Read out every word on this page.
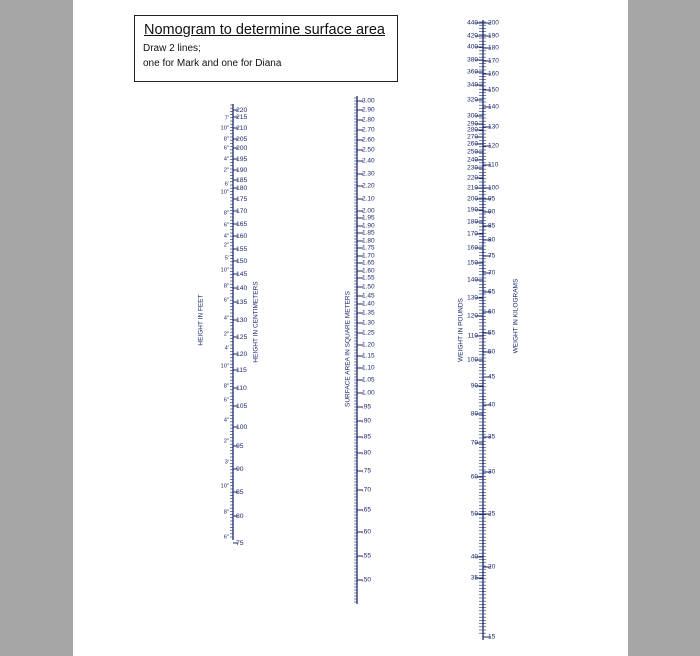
Nomogram to determine surface area
Draw 2 lines;
one for Mark and one for Diana
220
215
210
205
200
195
190
185
180
175
170
165
160
155
150
145
140
135
130
125
120
115
110
105
100
95
90
85
80
75
7'
10"
8"
6"
4"
2"
6'
10"
8"
6"
4"
2"
5'
10"
8"
6"
4"
2"
4'
10"
8"
6"
4"
2"
3'
10"
8"
6"
HEIGHT IN FEET	HEIGHT IN CENTIMETERS
3.00
2.90
2.80
2.70
2.60
2.50
2.40
2.30
2.20
2.10
2.00
1.95
1.90
1.85
1.80
1.75
1.70
1.65
1.60
1.55
1.50
1.45
1.40
1.35
1.30
1.25
1.20
1.15
1.10
1.05
1.00
.95
.90
.85
.80
.75
.70
.65
.60
.55
.50
SURFACE AREA IN SQUARE METERS
440
420
400
380
360
340
320
300
290
280
270
260
250
240
230
220
210
200
190
180
170
160
150
140
130
120
110
100
90
80
70
60
50
40
35
200
190
180
170
160
150
140
130
120
110
100
95
90
85
80
75
70
65
60
55
50
45
40
35
30
25
20
15
WEIGHT IN POUNDS	WEIGHT IN KILOGRAMS
